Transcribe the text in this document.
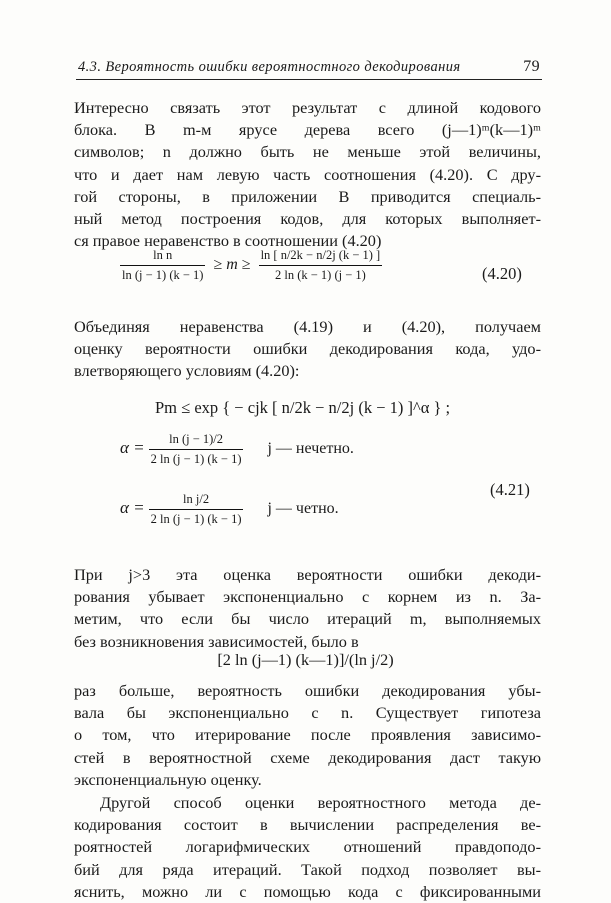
4.3. Вероятность ошибки вероятностного декодирования	79
Интересно связать этот результат с длиной кодового
блока. В m-м ярусе дерева всего (j—1)ᵐ(k—1)ᵐ
символов; n должно быть не меньше этой величины,
что и дает нам левую часть соотношения (4.20). С дру-
гой стороны, в приложении В приводится специаль-
ный метод построения кодов, для которых выполняет-
ся правое неравенство в соотношении (4.20)
$\frac{\text{ln n}}{\ln (j - 1) (k - 1)} \ge m \ge \frac{\ln [ n/2k - n/2j (k - 1) ]}{2 \ln (k - 1) (j - 1)}$	(4.20)
Объединяя неравенства (4.19) и (4.20), получаем
оценку вероятности ошибки декодирования кода, удо-
влетворяющего условиям (4.20):
Pm ≤ exp { − cjk [ n/2k − n/2j (k − 1) ]^α } ;
$\alpha = \frac{\ln (j - 1)/2}{2 \ln (j - 1) (k - 1)}$ j — нечетно.
$\alpha = \frac{\text{ln j/2}}{2 \ln (j - 1) (k - 1)}$ j — четно.
(4.21)
При j>3 эта оценка вероятности ошибки декоди-
рования убывает экспоненциально с корнем из n. За-
метим, что если бы число итераций m, выполняемых
без возникновения зависимостей, было в
[2 ln (j—1) (k—1)]/(ln j/2)
раз больше, вероятность ошибки декодирования убы-
вала бы экспоненциально с n. Существует гипотеза
о том, что итерирование после проявления зависимо-
стей в вероятностной схеме декодирования даст такую
экспоненциальную оценку.
Другой способ оценки вероятностного метода де-
кодирования состоит в вычислении распределения ве-
роятностей логарифмических отношений правдоподо-
бий для ряда итераций. Такой подход позволяет вы-
яснить, можно ли с помощью кода с фиксированными
